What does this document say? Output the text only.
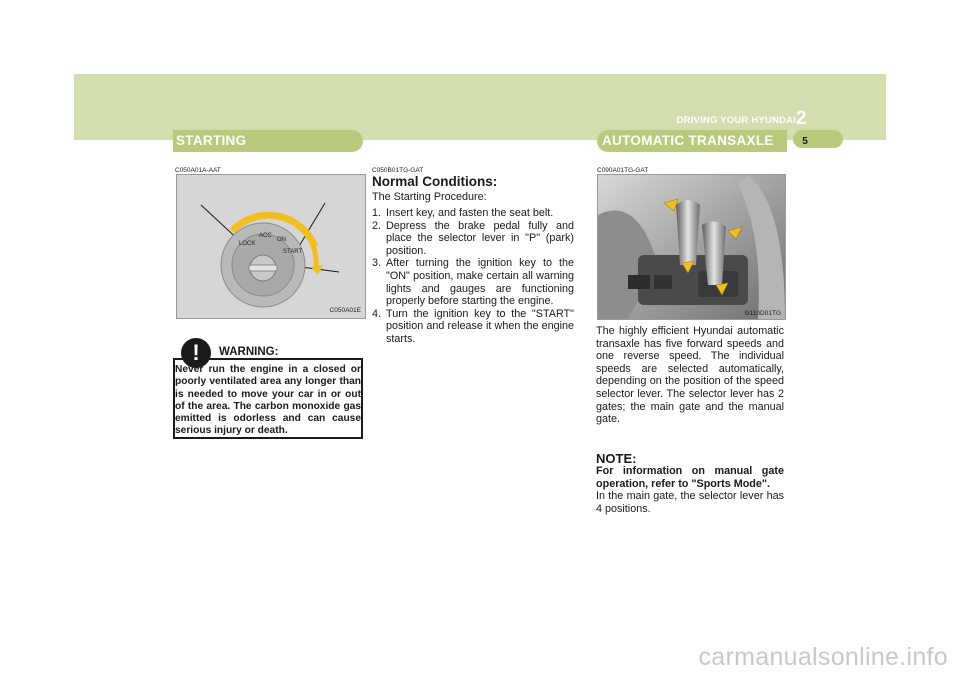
DRIVING YOUR HYUNDAI 2
5
STARTING	AUTOMATIC TRANSAXLE
C050A01A-AAT
LOCK
ACC
ON
START
C050A01E
!	WARNING:
Never run the engine in a closed or poorly ventilated area any longer than is needed to move your car in or out of the area. The carbon monoxide gas emitted is odorless and can cause serious injury or death.
C050B01TG-GAT
Normal Conditions:
The Starting Procedure:
1. Insert key, and fasten the seat belt.
2. Depress the brake pedal fully and place the selector lever in "P" (park) position.
3. After turning the ignition key to the "ON" position, make certain all warning lights and gauges are functioning properly before starting the engine.
4. Turn the ignition key to the "START" position and release it when the engine starts.
C090A01TG-GAT
G110D01TG
The highly efficient Hyundai automatic transaxle has five forward speeds and one reverse speed. The individual speeds are selected automatically, depending on the position of the speed selector lever. The selector lever has 2 gates; the main gate and the manual gate.
NOTE:
For information on manual gate operation, refer to "Sports Mode".
In the main gate, the selector lever has 4 positions.
carmanualsonline.info
